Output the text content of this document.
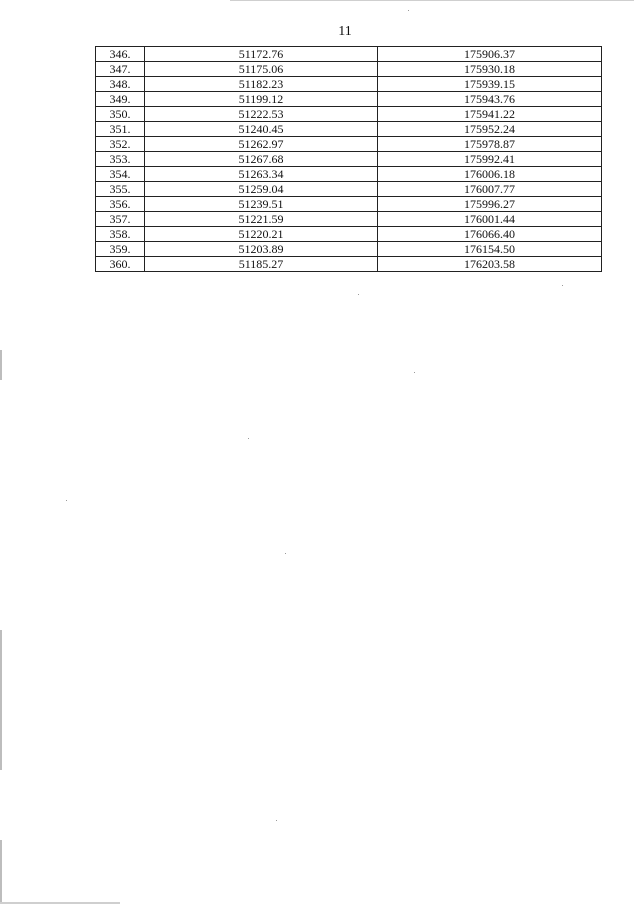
11
346.	51172.76	175906.37
347.	51175.06	175930.18
348.	51182.23	175939.15
349.	51199.12	175943.76
350.	51222.53	175941.22
351.	51240.45	175952.24
352.	51262.97	175978.87
353.	51267.68	175992.41
354.	51263.34	176006.18
355.	51259.04	176007.77
356.	51239.51	175996.27
357.	51221.59	176001.44
358.	51220.21	176066.40
359.	51203.89	176154.50
360.	51185.27	176203.58
